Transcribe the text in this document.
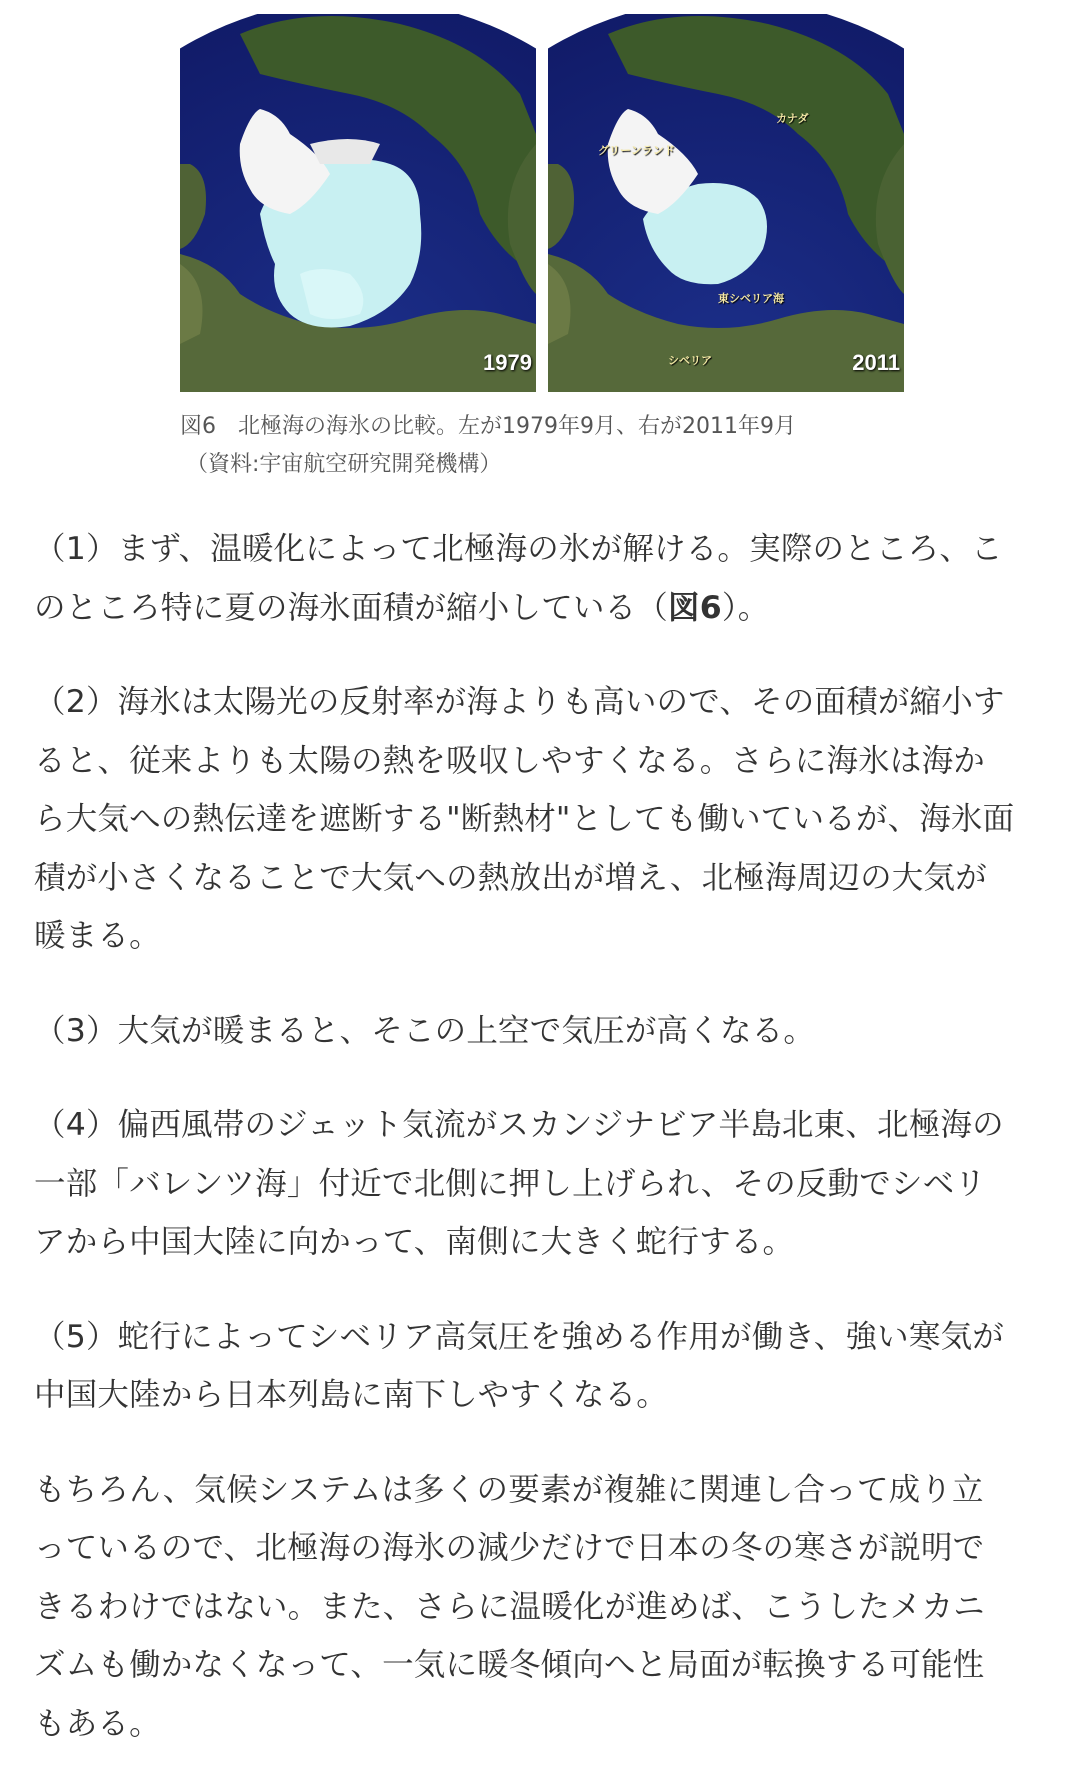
1979
グリーンランド
カナダ
東シベリア海
シベリア	2011
図6　北極海の海氷の比較。左が1979年9月、右が2011年9月
（資料:宇宙航空研究開発機構）
（1）まず、温暖化によって北極海の氷が解ける。実際のところ、こ
のところ特に夏の海氷面積が縮小している（図6）。
（2）海氷は太陽光の反射率が海よりも高いので、その面積が縮小す
ると、従来よりも太陽の熱を吸収しやすくなる。さらに海氷は海か
ら大気への熱伝達を遮断する"断熱材"としても働いているが、海氷面
積が小さくなることで大気への熱放出が増え、北極海周辺の大気が
暖まる。
（3）大気が暖まると、そこの上空で気圧が高くなる。
（4）偏西風帯のジェット気流がスカンジナビア半島北東、北極海の
一部「バレンツ海」付近で北側に押し上げられ、その反動でシベリ
アから中国大陸に向かって、南側に大きく蛇行する。
（5）蛇行によってシベリア高気圧を強める作用が働き、強い寒気が
中国大陸から日本列島に南下しやすくなる。
もちろん、気候システムは多くの要素が複雑に関連し合って成り立
っているので、北極海の海氷の減少だけで日本の冬の寒さが説明で
きるわけではない。また、さらに温暖化が進めば、こうしたメカニ
ズムも働かなくなって、一気に暖冬傾向へと局面が転換する可能性
もある。
